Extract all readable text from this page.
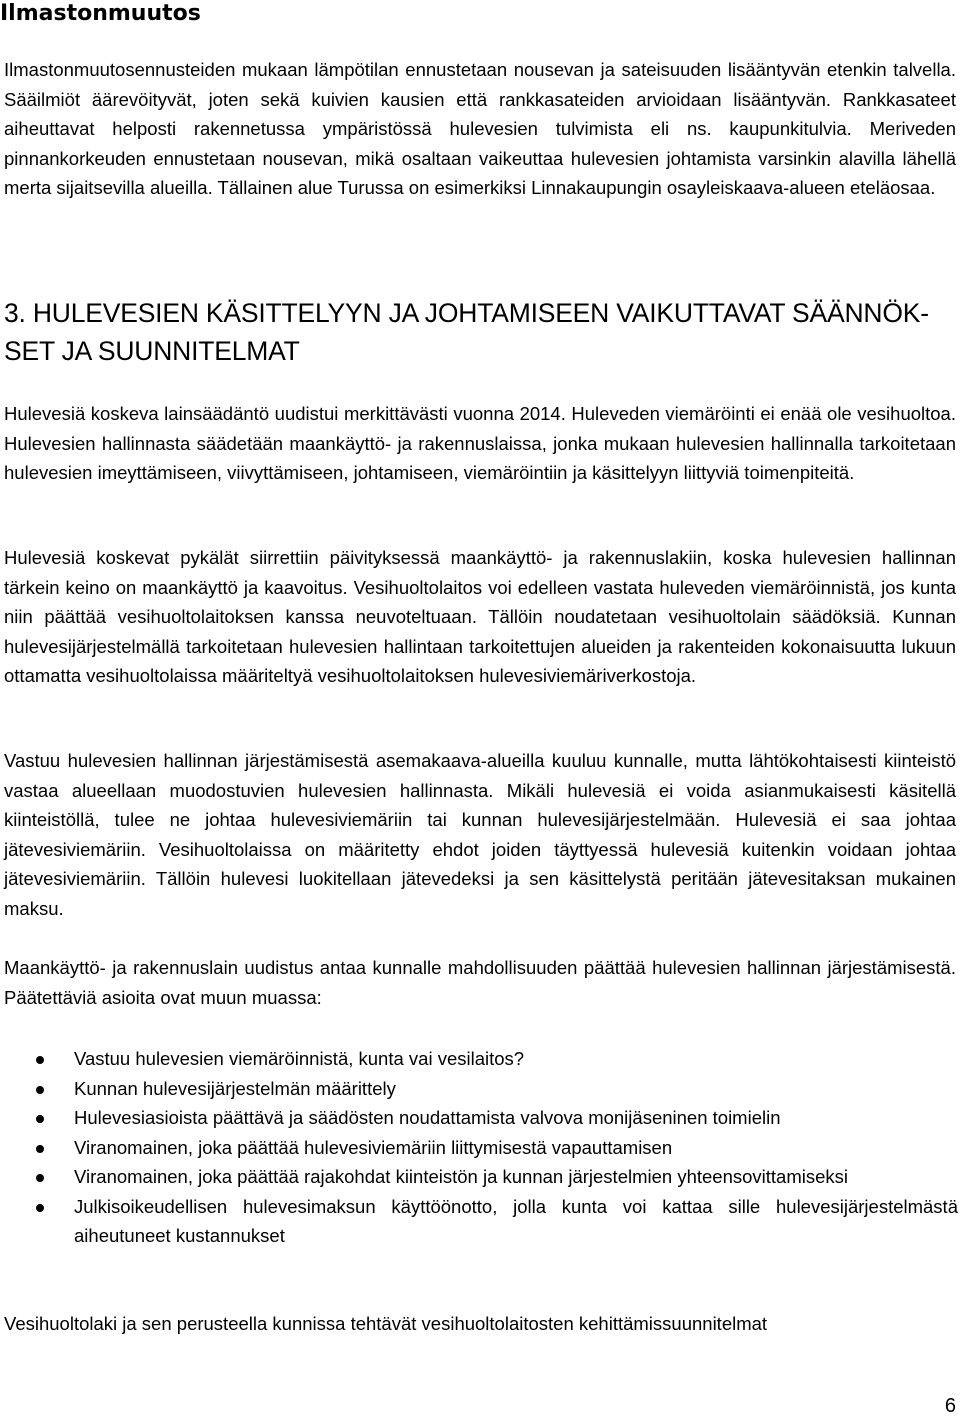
Ilmastonmuutos

Ilmastonmuutosennusteiden mukaan lämpötilan ennustetaan nousevan ja sateisuuden lisääntyvän etenkin talvella. Sääilmiöt äärevöityvät, joten sekä kuivien kausien että rankkasateiden arvioidaan lisääntyvän. Rankkasateet aiheuttavat helposti rakennetussa ympäristössä hulevesien tulvimista eli ns. kaupunkitulvia. Meriveden pinnankorkeuden ennustetaan nousevan, mikä osaltaan vaikeuttaa hulevesien johtamista varsinkin alavilla lähellä merta sijaitsevilla alueilla. Tällainen alue Turussa on esimerkiksi Linnakaupungin osayleiskaava-alueen eteläosaa.

3. HULEVESIEN KÄSITTELYYN JA JOHTAMISEEN VAIKUTTAVAT SÄÄNNÖKSET JA SUUNNITELMAT

Hulevesiä koskeva lainsäädäntö uudistui merkittävästi vuonna 2014. Huleveden viemäröinti ei enää ole vesihuoltoa. Hulevesien hallinnasta säädetään maankäyttö- ja rakennuslaissa, jonka mukaan hulevesien hallinnalla tarkoitetaan hulevesien imeyttämiseen, viivyttämiseen, johtamiseen, viemäröintiin ja käsittelyyn liittyviä toimenpiteitä.

Hulevesiä koskevat pykälät siirrettiin päivityksessä maankäyttö- ja rakennuslakiin, koska hulevesien hallinnan tärkein keino on maankäyttö ja kaavoitus. Vesihuoltolaitos voi edelleen vastata huleveden viemäröinnistä, jos kunta niin päättää vesihuoltolaitoksen kanssa neuvoteltuaan. Tällöin noudatetaan vesihuoltolain säädöksiä. Kunnan hulevesijärjestelmällä tarkoitetaan hulevesien hallintaan tarkoitettujen alueiden ja rakenteiden kokonaisuutta lukuun ottamatta vesihuoltolaissa määriteltyä vesihuoltolaitoksen hulevesiviemäriverkostoja.

Vastuu hulevesien hallinnan järjestämisestä asemakaava-alueilla kuuluu kunnalle, mutta lähtökohtaisesti kiinteistö vastaa alueellaan muodostuvien hulevesien hallinnasta. Mikäli hulevesiä ei voida asianmukaisesti käsitellä kiinteistöllä, tulee ne johtaa hulevesiviemäriin tai kunnan hulevesijärjestelmään. Hulevesiä ei saa johtaa jätevesiviemäriin. Vesihuoltolaissa on määritetty ehdot joiden täyttyessä hulevesiä kuitenkin voidaan johtaa jätevesiviemäriin. Tällöin hulevesi luokitellaan jätevedeksi ja sen käsittelystä peritään jätevesitaksan mukainen maksu.

Maankäyttö- ja rakennuslain uudistus antaa kunnalle mahdollisuuden päättää hulevesien hallinnan järjestämisestä. Päätettäviä asioita ovat muun muassa:

Vastuu hulevesien viemäröinnistä, kunta vai vesilaitos?
Kunnan hulevesijärjestelmän määrittely
Hulevesiasioista päättävä ja säädösten noudattamista valvova monijäseninen toimielin
Viranomainen, joka päättää hulevesiviemäriin liittymisestä vapauttamisen
Viranomainen, joka päättää rajakohdat kiinteistön ja kunnan järjestelmien yhteensovittamiseksi
Julkisoikeudellisen hulevesimaksun käyttöönotto, jolla kunta voi kattaa sille hulevesijärjestelmästä aiheutuneet kustannukset

Vesihuoltolaki ja sen perusteella kunnissa tehtävät vesihuoltolaitosten kehittämissuunnitelmat

6
